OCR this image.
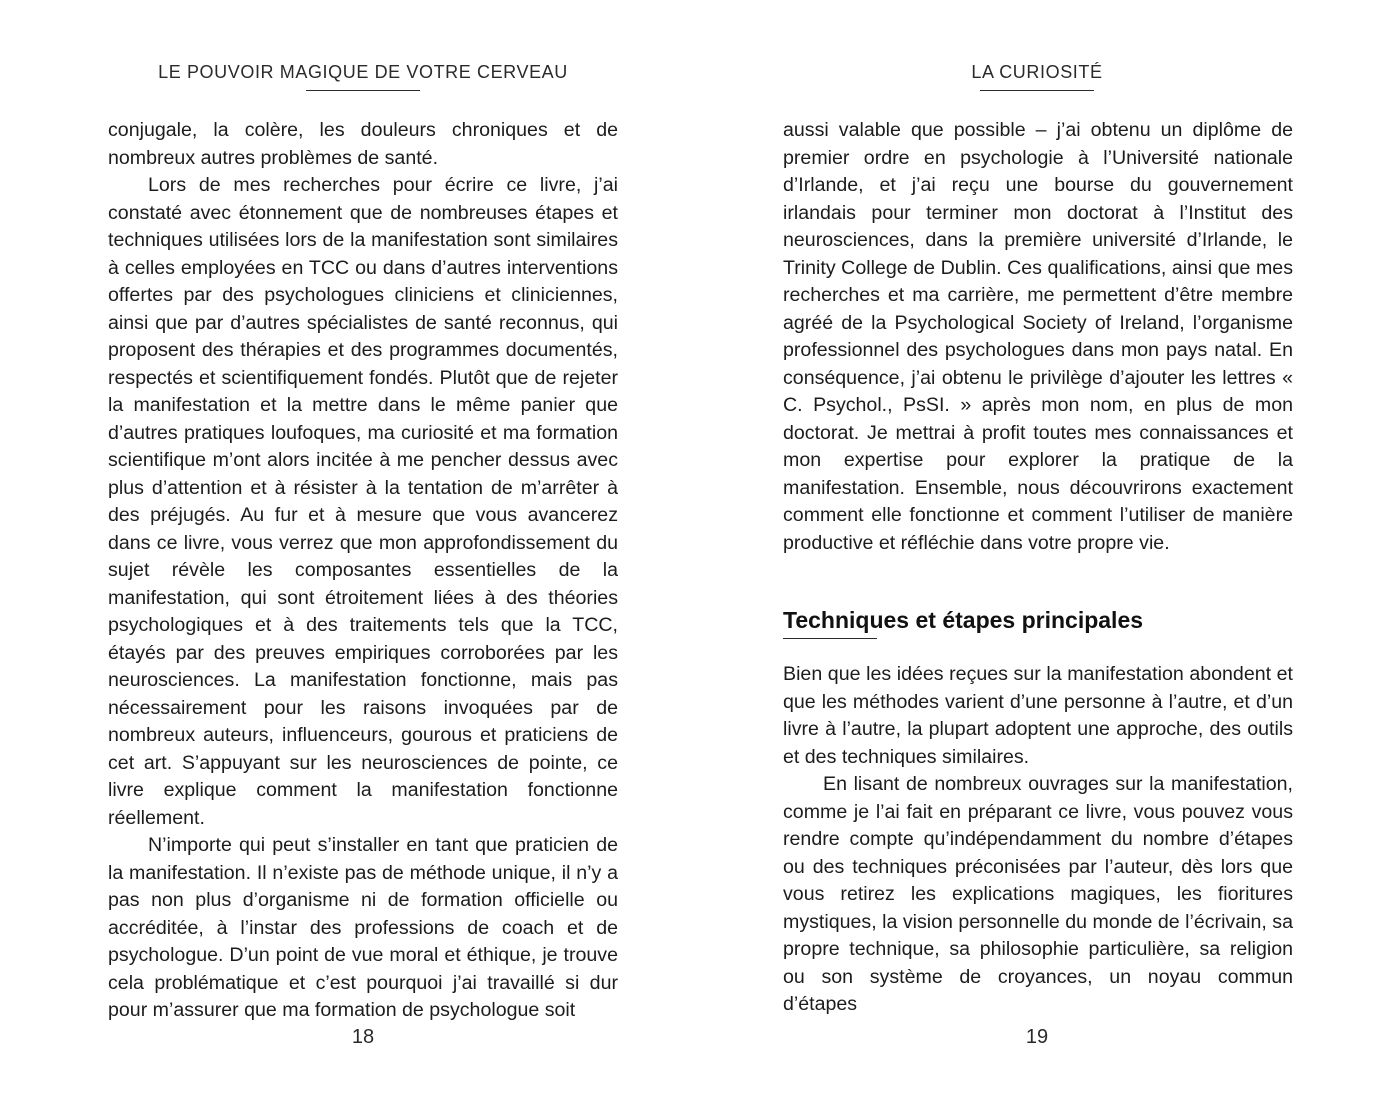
LE POUVOIR MAGIQUE DE VOTRE CERVEAU

conjugale, la colère, les douleurs chroniques et de nombreux autres problèmes de santé.

Lors de mes recherches pour écrire ce livre, j’ai constaté avec étonnement que de nombreuses étapes et techniques utilisées lors de la manifestation sont similaires à celles employées en TCC ou dans d’autres interventions offertes par des psychologues cliniciens et cliniciennes, ainsi que par d’autres spécialistes de santé reconnus, qui proposent des thérapies et des programmes documentés, respectés et scientifiquement fondés. Plutôt que de rejeter la manifestation et la mettre dans le même panier que d’autres pratiques loufoques, ma curiosité et ma formation scientifique m’ont alors incitée à me pencher dessus avec plus d’attention et à résister à la tentation de m’arrêter à des préjugés. Au fur et à mesure que vous avancerez dans ce livre, vous verrez que mon approfondissement du sujet révèle les composantes essentielles de la manifestation, qui sont étroitement liées à des théories psychologiques et à des traitements tels que la TCC, étayés par des preuves empiriques corroborées par les neurosciences. La manifestation fonctionne, mais pas nécessairement pour les raisons invoquées par de nombreux auteurs, influenceurs, gourous et praticiens de cet art. S’appuyant sur les neurosciences de pointe, ce livre explique comment la manifestation fonctionne réellement.

N’importe qui peut s’installer en tant que praticien de la manifestation. Il n’existe pas de méthode unique, il n’y a pas non plus d’organisme ni de formation officielle ou accréditée, à l’instar des professions de coach et de psychologue. D’un point de vue moral et éthique, je trouve cela problématique et c’est pourquoi j’ai travaillé si dur pour m’assurer que ma formation de psychologue soit

18
LA CURIOSITÉ

aussi valable que possible – j’ai obtenu un diplôme de premier ordre en psychologie à l’Université nationale d’Irlande, et j’ai reçu une bourse du gouvernement irlandais pour terminer mon doctorat à l’Institut des neurosciences, dans la première université d’Irlande, le Trinity College de Dublin. Ces qualifications, ainsi que mes recherches et ma carrière, me permettent d’être membre agréé de la Psychological Society of Ireland, l’organisme professionnel des psychologues dans mon pays natal. En conséquence, j’ai obtenu le privilège d’ajouter les lettres « C. Psychol., PsSI. » après mon nom, en plus de mon doctorat. Je mettrai à profit toutes mes connaissances et mon expertise pour explorer la pratique de la manifestation. Ensemble, nous découvrirons exactement comment elle fonctionne et comment l’utiliser de manière productive et réfléchie dans votre propre vie.

Techniques et étapes principales

Bien que les idées reçues sur la manifestation abondent et que les méthodes varient d’une personne à l’autre, et d’un livre à l’autre, la plupart adoptent une approche, des outils et des techniques similaires.

En lisant de nombreux ouvrages sur la manifestation, comme je l’ai fait en préparant ce livre, vous pouvez vous rendre compte qu’indépendamment du nombre d’étapes ou des techniques préconisées par l’auteur, dès lors que vous retirez les explications magiques, les fioritures mystiques, la vision personnelle du monde de l’écrivain, sa propre technique, sa philosophie particulière, sa religion ou son système de croyances, un noyau commun d’étapes

19
